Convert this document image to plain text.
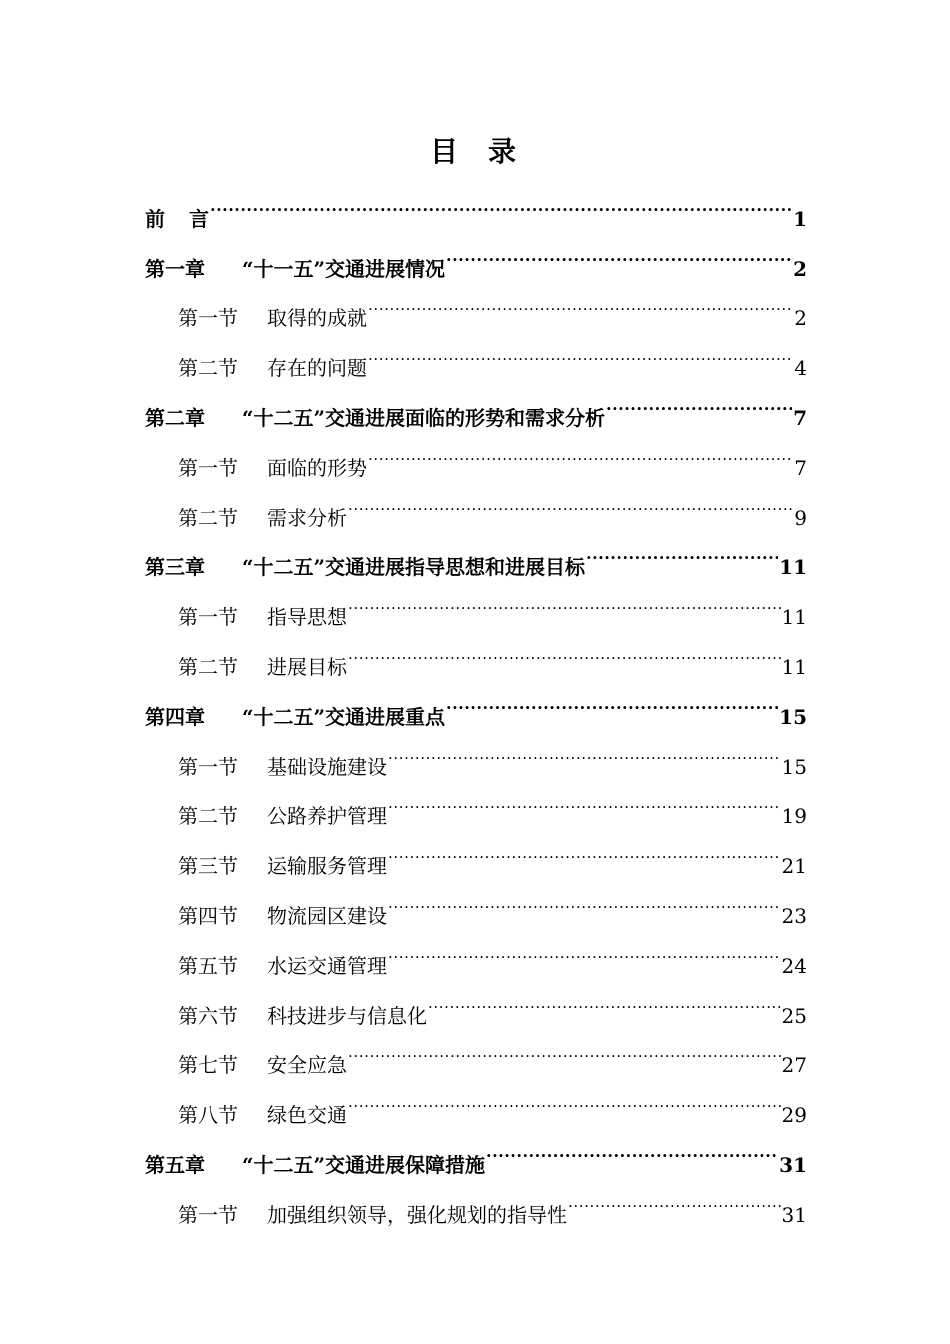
目 录
前 言 .....	1
第一章	“十一五”交通进展情况 .....	2
第一节	取得的成就 .....	2
第二节	存在的问题 .....	4
第二章	“十二五”交通进展面临的形势和需求分析 .....	7
第一节	面临的形势 .....	7
第二节	需求分析 .....	9
第三章	“十二五”交通进展指导思想和进展目标 .....	11
第一节	指导思想 .....	11
第二节	进展目标 .....	11
第四章	“十二五”交通进展重点 .....	15
第一节	基础设施建设 .....	15
第二节	公路养护管理 .....	19
第三节	运输服务管理 .....	21
第四节	物流园区建设 .....	23
第五节	水运交通管理 .....	24
第六节	科技进步与信息化 .....	25
第七节	安全应急 .....	27
第八节	绿色交通 .....	29
第五章	“十二五”交通进展保障措施 .....	31
第一节	加强组织领导，强化规划的指导性 .....	31
